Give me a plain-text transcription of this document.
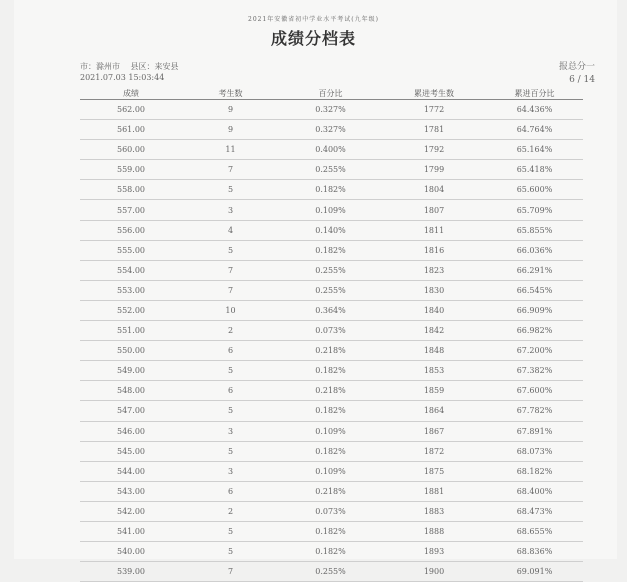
2021年安徽省初中学业水平考试(九年级)
成绩分档表
市：滁州市 县区：来安县
2021.07.03 15:03:44
报总分一
6 / 14
成绩	考生数	百分比	累进考生数	累进百分比
562.00	9	0.327%	1772	64.436%
561.00	9	0.327%	1781	64.764%
560.00	11	0.400%	1792	65.164%
559.00	7	0.255%	1799	65.418%
558.00	5	0.182%	1804	65.600%
557.00	3	0.109%	1807	65.709%
556.00	4	0.140%	1811	65.855%
555.00	5	0.182%	1816	66.036%
554.00	7	0.255%	1823	66.291%
553.00	7	0.255%	1830	66.545%
552.00	10	0.364%	1840	66.909%
551.00	2	0.073%	1842	66.982%
550.00	6	0.218%	1848	67.200%
549.00	5	0.182%	1853	67.382%
548.00	6	0.218%	1859	67.600%
547.00	5	0.182%	1864	67.782%
546.00	3	0.109%	1867	67.891%
545.00	5	0.182%	1872	68.073%
544.00	3	0.109%	1875	68.182%
543.00	6	0.218%	1881	68.400%
542.00	2	0.073%	1883	68.473%
541.00	5	0.182%	1888	68.655%
540.00	5	0.182%	1893	68.836%
539.00	7	0.255%	1900	69.091%
